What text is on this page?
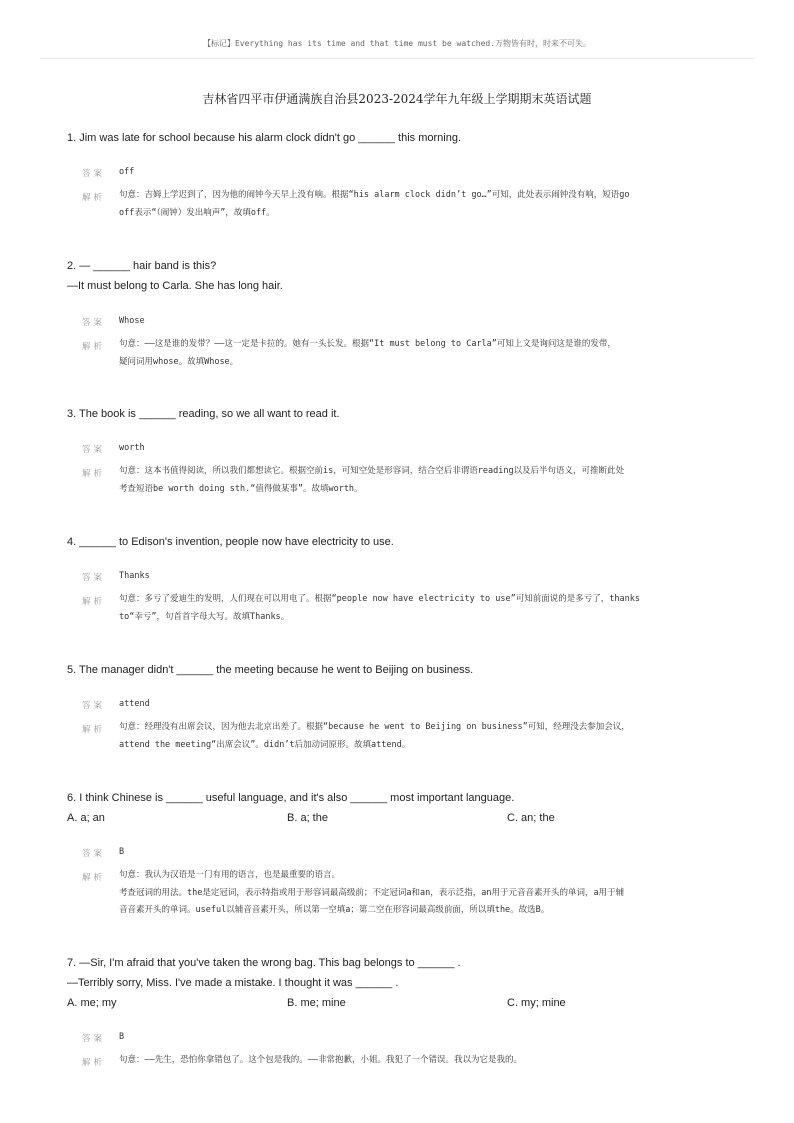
【标记】Everything has its time and that time must be watched.万物皆有时，时来不可失。
吉林省四平市伊通满族自治县2023-2024学年九年级上学期期末英语试题
1. Jim was late for school because his alarm clock didn't go ______ this morning.
答案 off
解析 句意：吉姆上学迟到了，因为他的闹钟今天早上没有响。根据“his alarm clock didn’t go…”可知，此处表示闹钟没有响，短语go
off表示“（闹钟）发出响声”，故填off。
2. — ______ hair band is this?
—It must belong to Carla. She has long hair.
答案 Whose
解析 句意：——这是谁的发带？——这一定是卡拉的。她有一头长发。根据“It must belong to Carla”可知上文是询问这是谁的发带，
疑问词用whose。故填Whose。
3. The book is ______ reading, so we all want to read it.
答案 worth
解析 句意：这本书值得阅读，所以我们都想读它。根据空前is，可知空处是形容词，结合空后非谓语reading以及后半句语义，可推断此处
考查短语be worth doing sth.“值得做某事”。故填worth。
4. ______ to Edison's invention, people now have electricity to use.
答案 Thanks
解析 句意：多亏了爱迪生的发明，人们现在可以用电了。根据“people now have electricity to use”可知前面说的是多亏了，thanks
to“幸亏”，句首首字母大写。故填Thanks。
5. The manager didn't ______ the meeting because he went to Beijing on business.
答案 attend
解析 句意：经理没有出席会议，因为他去北京出差了。根据“because he went to Beijing on business”可知，经理没去参加会议，
attend the meeting“出席会议”。didn’t后加动词原形。故填attend。
6. I think Chinese is ______ useful language, and it's also ______ most important language.
A. a; an	B. a; the	C. an; the
答案 B
解析 句意：我认为汉语是一门有用的语言，也是最重要的语言。
考查冠词的用法。the是定冠词，表示特指或用于形容词最高级前；不定冠词a和an，表示泛指，an用于元音音素开头的单词，a用于辅
音音素开头的单词。useful以辅音音素开头，所以第一空填a；第二空在形容词最高级前面，所以填the。故选B。
7. —Sir, I'm afraid that you've taken the wrong bag. This bag belongs to ______ .
—Terribly sorry, Miss. I've made a mistake. I thought it was ______ .
A. me; my	B. me; mine	C. my; mine
答案 B
解析 句意：——先生，恐怕你拿错包了。这个包是我的。——非常抱歉，小姐。我犯了一个错误。我以为它是我的。
